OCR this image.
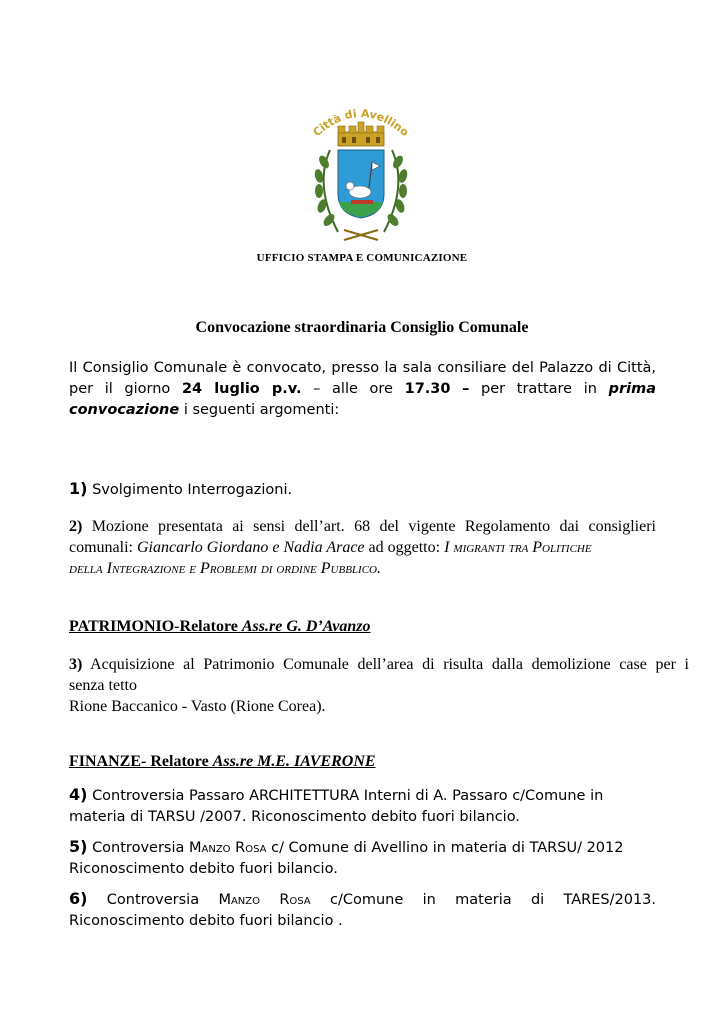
Città di Avellino
UFFICIO STAMPA E COMUNICAZIONE
Convocazione straordinaria Consiglio Comunale
Il Consiglio Comunale è convocato, presso la sala consiliare del Palazzo di Città,
per il giorno 24 luglio p.v. – alle ore 17.30 – per trattare in prima
convocazione i seguenti argomenti:
1) Svolgimento Interrogazioni.
2) Mozione presentata ai sensi dell’art. 68 del vigente Regolamento dai consiglieri
comunali: Giancarlo Giordano e Nadia Arace ad oggetto: I migranti tra Politiche
della Integrazione e Problemi di ordine Pubblico.
PATRIMONIO-Relatore Ass.re G. D’Avanzo
3) Acquisizione al Patrimonio Comunale dell’area di risulta dalla demolizione case per i
senza tetto
Rione Baccanico - Vasto (Rione Corea).
FINANZE- Relatore Ass.re M.E. IAVERONE
4) Controversia Passaro ARCHITETTURA Interni di A. Passaro c/Comune in
materia di TARSU /2007. Riconoscimento debito fuori bilancio.
5) Controversia Manzo Rosa c/ Comune di Avellino in materia di TARSU/ 2012
Riconoscimento debito fuori bilancio.
6) Controversia Manzo Rosa c/Comune in materia di TARES/2013.
Riconoscimento debito fuori bilancio .
